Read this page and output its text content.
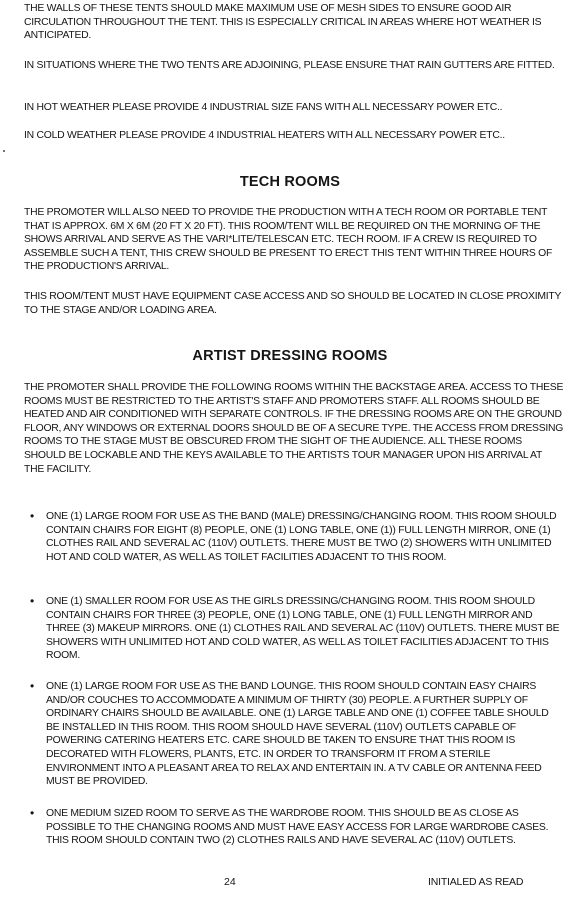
THE WALLS OF THESE TENTS SHOULD MAKE MAXIMUM USE OF MESH SIDES TO ENSURE GOOD AIR CIRCULATION THROUGHOUT THE TENT. THIS IS ESPECIALLY CRITICAL IN AREAS WHERE HOT WEATHER IS ANTICIPATED.

IN SITUATIONS WHERE THE TWO TENTS ARE ADJOINING, PLEASE ENSURE THAT RAIN GUTTERS ARE FITTED.

IN HOT WEATHER PLEASE PROVIDE 4 INDUSTRIAL SIZE FANS WITH ALL NECESSARY POWER ETC..

IN COLD WEATHER PLEASE PROVIDE 4 INDUSTRIAL HEATERS WITH ALL NECESSARY POWER ETC..

TECH ROOMS

THE PROMOTER WILL ALSO NEED TO PROVIDE THE PRODUCTION WITH A TECH ROOM OR PORTABLE TENT THAT IS APPROX. 6M X 6M (20 FT X 20 FT). THIS ROOM/TENT WILL BE REQUIRED ON THE MORNING OF THE SHOWS ARRIVAL AND SERVE AS THE VARI*LITE/TELESCAN ETC. TECH ROOM. IF A CREW IS REQUIRED TO ASSEMBLE SUCH A TENT, THIS CREW SHOULD BE PRESENT TO ERECT THIS TENT WITHIN THREE HOURS OF THE PRODUCTION'S ARRIVAL.

THIS ROOM/TENT MUST HAVE EQUIPMENT CASE ACCESS AND SO SHOULD BE LOCATED IN CLOSE PROXIMITY TO THE STAGE AND/OR LOADING AREA.

ARTIST DRESSING ROOMS

THE PROMOTER SHALL PROVIDE THE FOLLOWING ROOMS WITHIN THE BACKSTAGE AREA. ACCESS TO THESE ROOMS MUST BE RESTRICTED TO THE ARTIST'S STAFF AND PROMOTERS STAFF. ALL ROOMS SHOULD BE HEATED AND AIR CONDITIONED WITH SEPARATE CONTROLS. IF THE DRESSING ROOMS ARE ON THE GROUND FLOOR, ANY WINDOWS OR EXTERNAL DOORS SHOULD BE OF A SECURE TYPE. THE ACCESS FROM DRESSING ROOMS TO THE STAGE MUST BE OBSCURED FROM THE SIGHT OF THE AUDIENCE. ALL THESE ROOMS SHOULD BE LOCKABLE AND THE KEYS AVAILABLE TO THE ARTISTS TOUR MANAGER UPON HIS ARRIVAL AT THE FACILITY.

•	ONE (1) LARGE ROOM FOR USE AS THE BAND (MALE) DRESSING/CHANGING ROOM. THIS ROOM SHOULD CONTAIN CHAIRS FOR EIGHT (8) PEOPLE, ONE (1) LONG TABLE, ONE (1)) FULL LENGTH MIRROR, ONE (1) CLOTHES RAIL AND SEVERAL AC (110V) OUTLETS. THERE MUST BE TWO (2) SHOWERS WITH UNLIMITED HOT AND COLD WATER, AS WELL AS TOILET FACILITIES ADJACENT TO THIS ROOM.

•	ONE (1) SMALLER ROOM FOR USE AS THE GIRLS DRESSING/CHANGING ROOM. THIS ROOM SHOULD CONTAIN CHAIRS FOR THREE (3) PEOPLE, ONE (1) LONG TABLE, ONE (1) FULL LENGTH MIRROR AND THREE (3) MAKEUP MIRRORS. ONE (1) CLOTHES RAIL AND SEVERAL AC (110V) OUTLETS. THERE MUST BE SHOWERS WITH UNLIMITED HOT AND COLD WATER, AS WELL AS TOILET FACILITIES ADJACENT TO THIS ROOM.

•	ONE (1) LARGE ROOM FOR USE AS THE BAND LOUNGE. THIS ROOM SHOULD CONTAIN EASY CHAIRS AND/OR COUCHES TO ACCOMMODATE A MINIMUM OF THIRTY (30) PEOPLE. A FURTHER SUPPLY OF ORDINARY CHAIRS SHOULD BE AVAILABLE. ONE (1) LARGE TABLE AND ONE (1) COFFEE TABLE SHOULD BE INSTALLED IN THIS ROOM. THIS ROOM SHOULD HAVE SEVERAL (110V) OUTLETS CAPABLE OF POWERING CATERING HEATERS ETC. CARE SHOULD BE TAKEN TO ENSURE THAT THIS ROOM IS DECORATED WITH FLOWERS, PLANTS, ETC. IN ORDER TO TRANSFORM IT FROM A STERILE ENVIRONMENT INTO A PLEASANT AREA TO RELAX AND ENTERTAIN IN. A TV CABLE OR ANTENNA FEED MUST BE PROVIDED.

•	ONE MEDIUM SIZED ROOM TO SERVE AS THE WARDROBE ROOM. THIS SHOULD BE AS CLOSE AS POSSIBLE TO THE CHANGING ROOMS AND MUST HAVE EASY ACCESS FOR LARGE WARDROBE CASES. THIS ROOM SHOULD CONTAIN TWO (2) CLOTHES RAILS AND HAVE SEVERAL AC (110V) OUTLETS.

24	INITIALED AS READ
